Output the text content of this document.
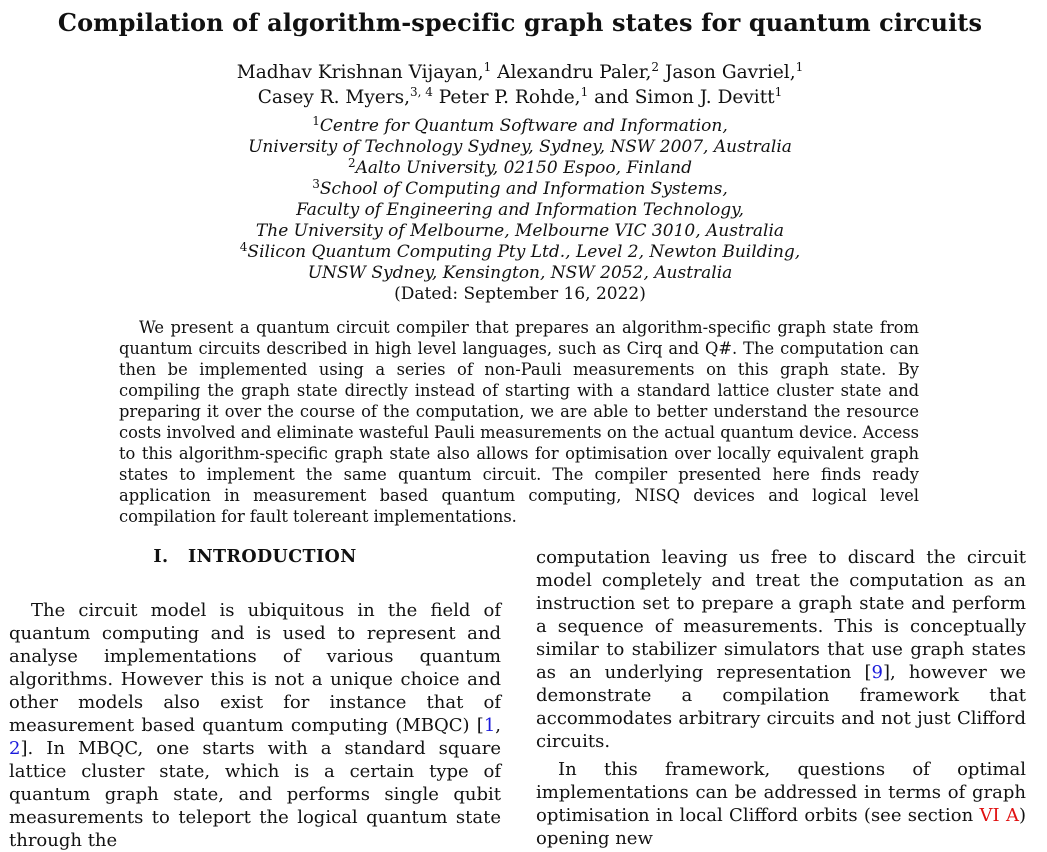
Compilation of algorithm-specific graph states for quantum circuits
Madhav Krishnan Vijayan,$^1$ Alexandru Paler,$^2$ Jason Gavriel,$^1$
Casey R. Myers,$^{3, 4}$ Peter P. Rohde,$^1$ and Simon J. Devitt$^1$
$^1$Centre for Quantum Software and Information,
University of Technology Sydney, Sydney, NSW 2007, Australia
$^2$Aalto University, 02150 Espoo, Finland
$^3$School of Computing and Information Systems,
Faculty of Engineering and Information Technology,
The University of Melbourne, Melbourne VIC 3010, Australia
$^4$Silicon Quantum Computing Pty Ltd., Level 2, Newton Building,
UNSW Sydney, Kensington, NSW 2052, Australia
(Dated: September 16, 2022)
We present a quantum circuit compiler that prepares an algorithm-specific graph state from quantum circuits described in high level languages, such as Cirq and Q#. The computation can then be implemented using a series of non-Pauli measurements on this graph state. By compiling the graph state directly instead of starting with a standard lattice cluster state and preparing it over the course of the computation, we are able to better understand the resource costs involved and eliminate wasteful Pauli measurements on the actual quantum device. Access to this algorithm-specific graph state also allows for optimisation over locally equivalent graph states to implement the same quantum circuit. The compiler presented here finds ready application in measurement based quantum computing, NISQ devices and logical level compilation for fault tolereant implementations.
I. INTRODUCTION

The circuit model is ubiquitous in the field of quantum computing and is used to represent and analyse implementations of various quantum algorithms. However this is not a unique choice and other models also exist for instance that of measurement based quantum computing (MBQC) [1, 2]. In MBQC, one starts with a standard square lattice cluster state, which is a certain type of quantum graph state, and performs single qubit measurements to teleport the logical quantum state through the

computation leaving us free to discard the circuit model completely and treat the computation as an instruction set to prepare a graph state and perform a sequence of measurements. This is conceptually similar to stabilizer simulators that use graph states as an underlying representation [9], however we demonstrate a compilation framework that accommodates arbitrary circuits and not just Clifford circuits.

In this framework, questions of optimal implementations can be addressed in terms of graph optimisation in local Clifford orbits (see section VI A) opening new
